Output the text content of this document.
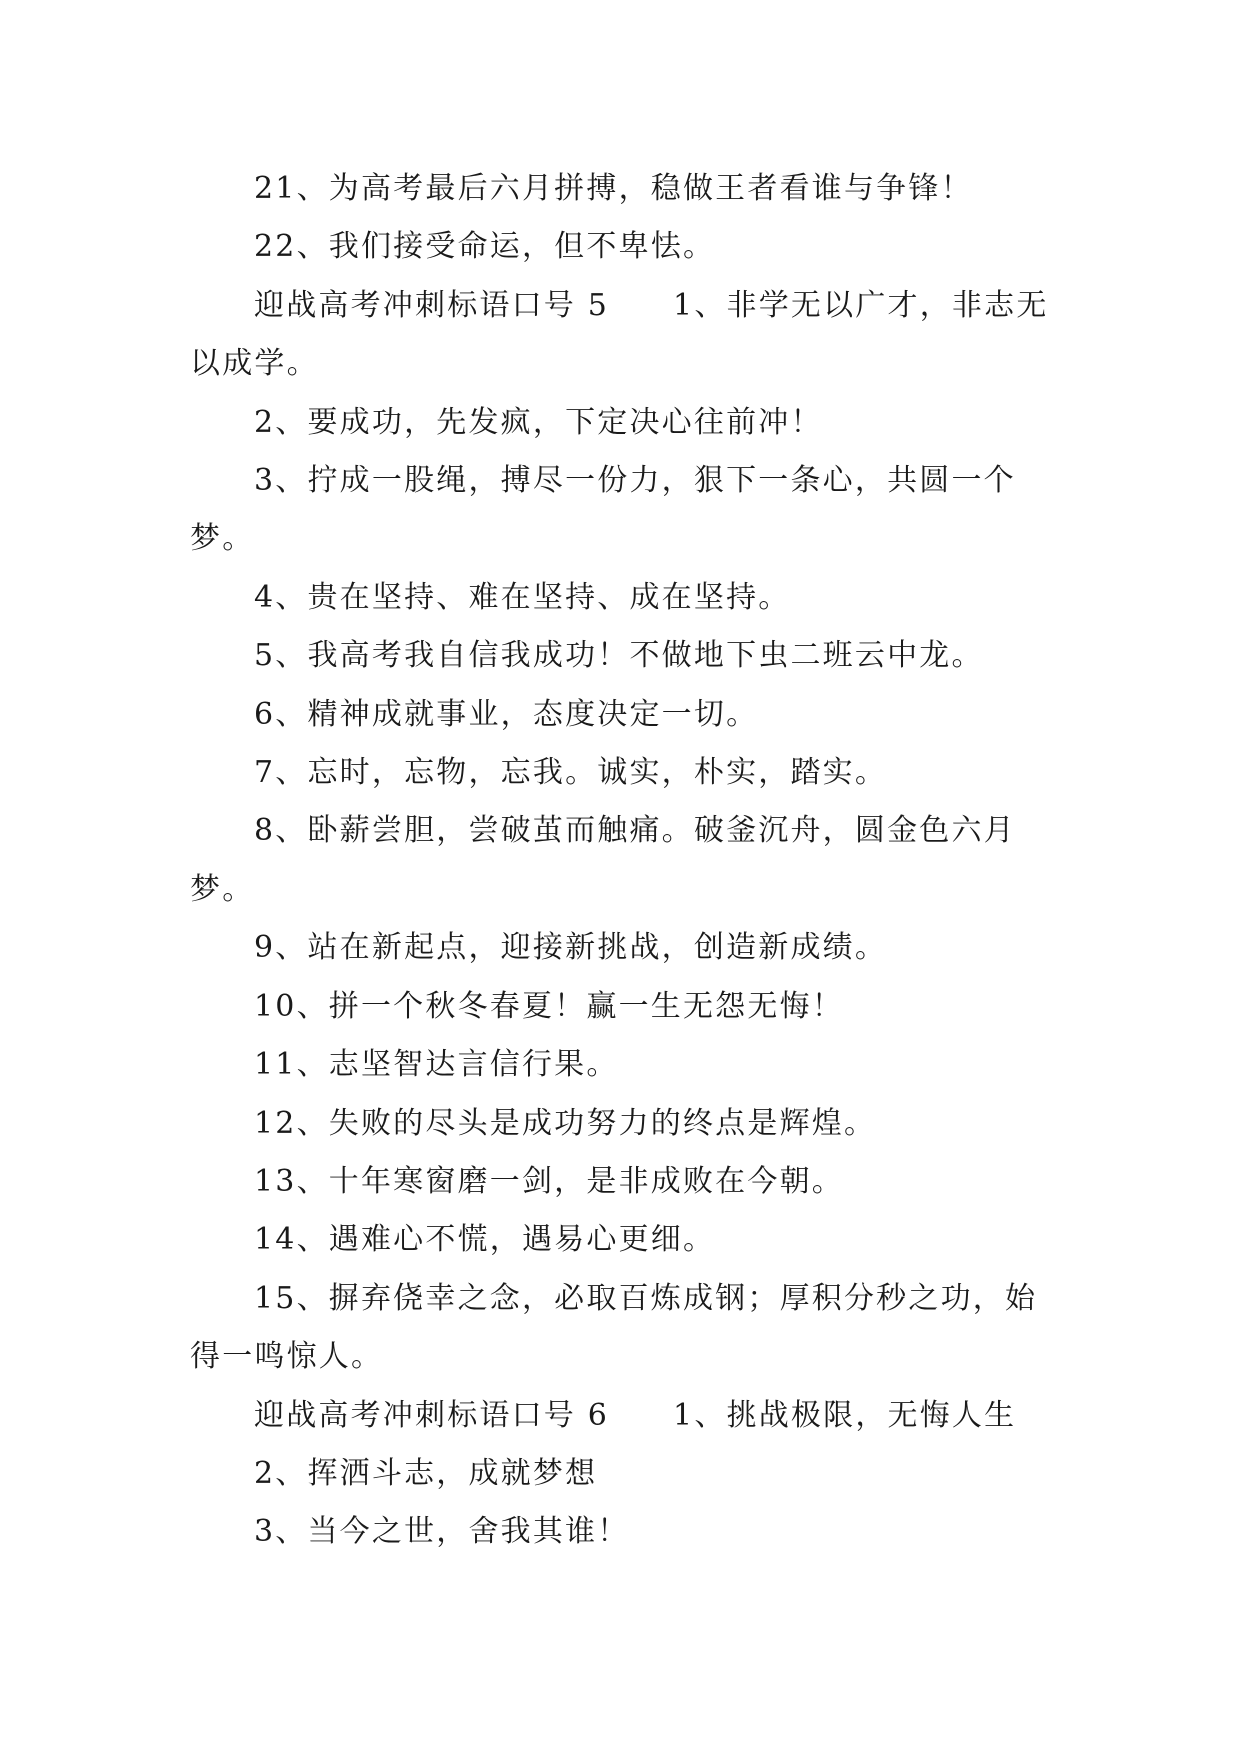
21、为高考最后六月拼搏，稳做王者看谁与争锋！

22、我们接受命运，但不卑怯。

迎战高考冲刺标语口号 5 1、非学无以广才，非志无以成学。

2、要成功，先发疯，下定决心往前冲！

3、拧成一股绳，搏尽一份力，狠下一条心，共圆一个梦。

4、贵在坚持、难在坚持、成在坚持。

5、我高考我自信我成功！不做地下虫二班云中龙。

6、精神成就事业，态度决定一切。

7、忘时，忘物，忘我。诚实，朴实，踏实。

8、卧薪尝胆，尝破茧而触痛。破釜沉舟，圆金色六月梦。

9、站在新起点，迎接新挑战，创造新成绩。

10、拼一个秋冬春夏！赢一生无怨无悔！

11、志坚智达言信行果。

12、失败的尽头是成功努力的终点是辉煌。

13、十年寒窗磨一剑，是非成败在今朝。

14、遇难心不慌，遇易心更细。

15、摒弃侥幸之念，必取百炼成钢；厚积分秒之功，始得一鸣惊人。

迎战高考冲刺标语口号 6 1、挑战极限，无悔人生

2、挥洒斗志，成就梦想

3、当今之世，舍我其谁！
